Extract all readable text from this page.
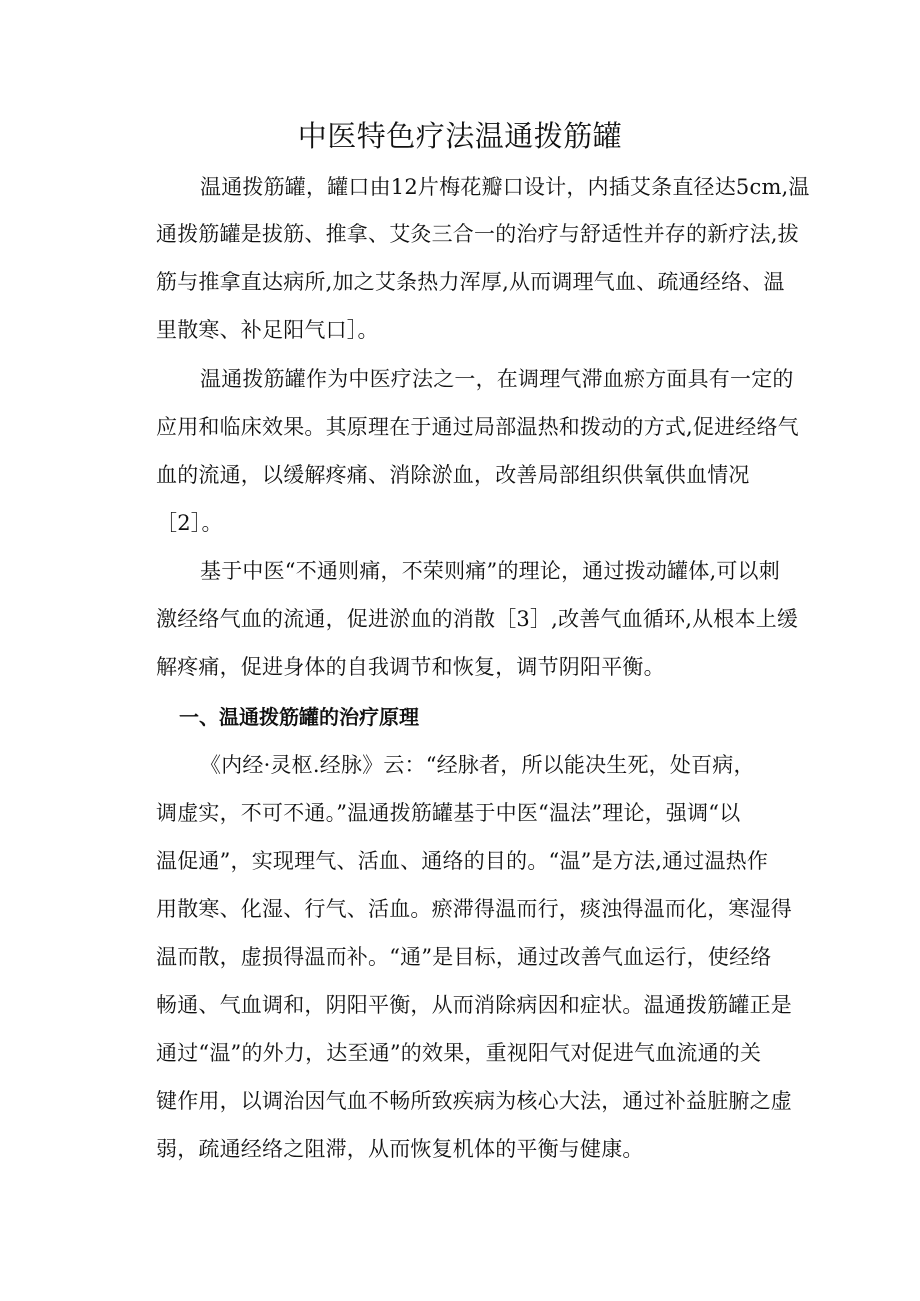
中医特色疗法温通拨筋罐

温通拨筋罐，罐口由12片梅花瓣口设计，内插艾条直径达5cm,温

通拨筋罐是拔筋、推拿、艾灸三合一的治疗与舒适性并存的新疗法,拔

筋与推拿直达病所,加之艾条热力浑厚,从而调理气血、疏通经络、温

里散寒、补足阳气口］。

温通拨筋罐作为中医疗法之一，在调理气滞血瘀方面具有一定的

应用和临床效果。其原理在于通过局部温热和拨动的方式,促进经络气

血的流通，以缓解疼痛、消除淤血，改善局部组织供氧供血情况

［2］。

基于中医“不通则痛，不荣则痛”的理论，通过拨动罐体,可以刺

激经络气血的流通，促进淤血的消散［3］,改善气血循环,从根本上缓

解疼痛，促进身体的自我调节和恢复，调节阴阳平衡。

一、温通拨筋罐的治疗原理

《内经·灵枢.经脉》云：“经脉者，所以能决生死，处百病，

调虚实，不可不通。”温通拨筋罐基于中医“温法”理论，强调“以

温促通”，实现理气、活血、通络的目的。“温”是方法,通过温热作

用散寒、化湿、行气、活血。瘀滞得温而行，痰浊得温而化，寒湿得

温而散，虚损得温而补。“通”是目标，通过改善气血运行，使经络

畅通、气血调和，阴阳平衡，从而消除病因和症状。温通拨筋罐正是

通过“温”的外力，达至通”的效果，重视阳气对促进气血流通的关

键作用，以调治因气血不畅所致疾病为核心大法，通过补益脏腑之虚

弱，疏通经络之阻滞，从而恢复机体的平衡与健康。
